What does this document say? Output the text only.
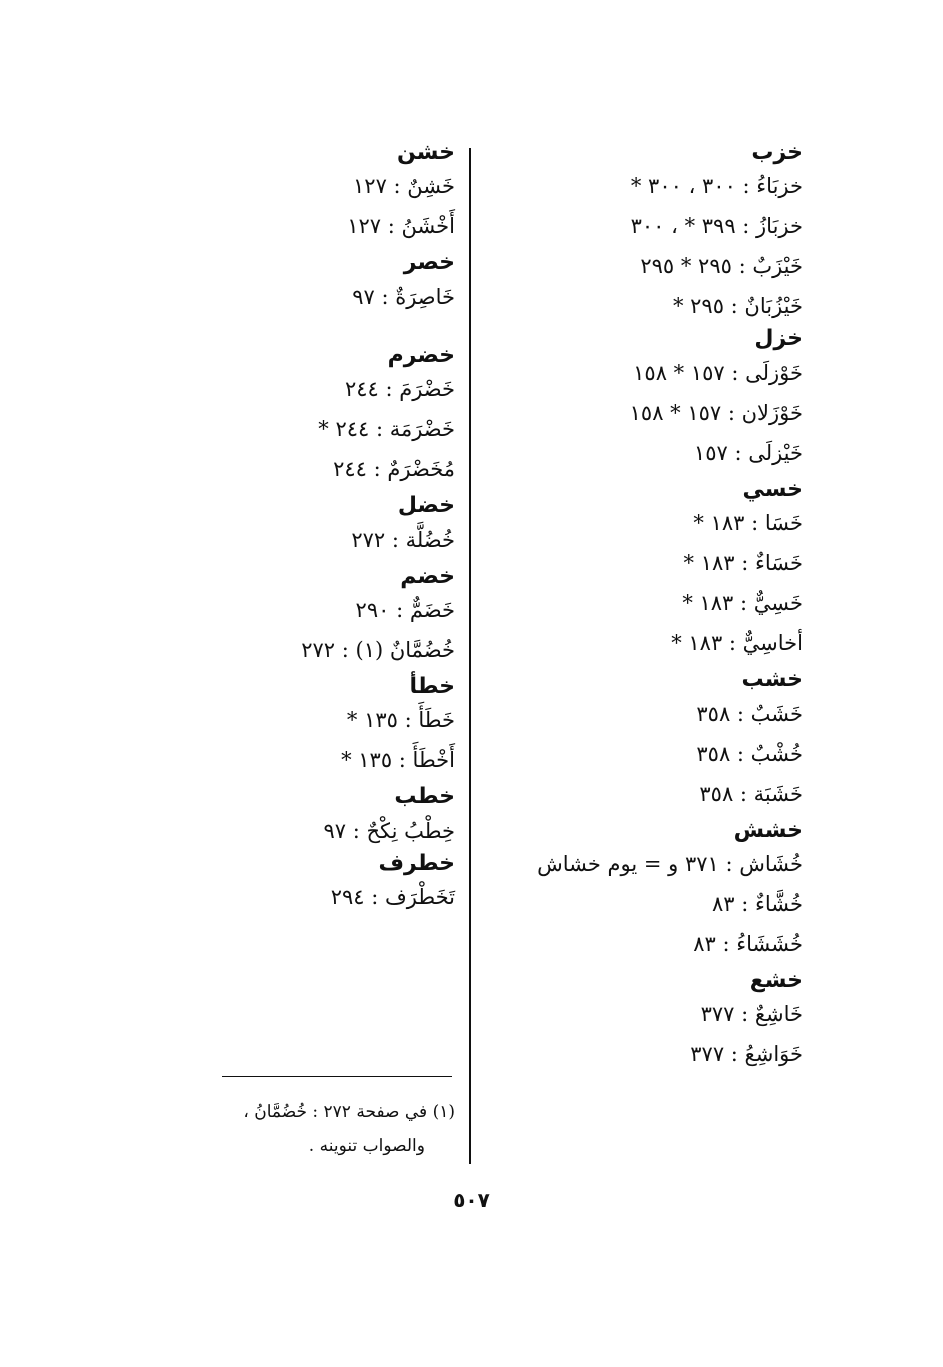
خزب
خزبَاءُ : ٣٠٠ ، ٣٠٠ *
خزبَازُ : ٣٩٩ * ، ٣٠٠
خَيْزَبٌ : ٢٩٥ * ٢٩٥
خَيْزُبَانٌ : ٢٩٥ *
خزل
خَوْزلَى : ١٥٧ * ١٥٨
خَوْزَلان : ١٥٧ * ١٥٨
خَيْزلَى : ١٥٧
خسي
خَسَا : ١٨٣ *
خَسَاءٌ : ١٨٣ *
خَسِيٌّ : ١٨٣ *
أخاسِيٌّ : ١٨٣ *
خشب
خَشَبٌ : ٣٥٨
خُشْبٌ : ٣٥٨
خَشَبَة : ٣٥٨
خشش
خُشَاش : ٣٧١ و = يوم خشاش
خُشَّاءٌ : ٨٣
خُشَشَاءُ : ٨٣
خشع
خَاشِعٌ : ٣٧٧
خَوَاشِعُ : ٣٧٧
خشن
خَشِنٌ : ١٢٧
أَخْشَنُ : ١٢٧
خصر
خَاصِرَةٌ : ٩٧
خضرم
خَضْرَمَ : ٢٤٤
خَضْرَمَة : ٢٤٤ *
مُخَضْرَمٌ : ٢٤٤
خضل
خُضُلَّة : ٢٧٢
خضم
خَضَمٌّ : ٢٩٠
خُضُمَّانٌ (١) : ٢٧٢
خطأ
خَطَأَ : ١٣٥ *
أَخْطَأَ : ١٣٥ *
خطب
خِطْبُ نِكْحٌ : ٩٧
خطرف
تَخَطْرَف : ٢٩٤
(١) في صفحة ٢٧٢ : خُضُمَّانُ ،
والصواب تنوينه .
٥٠٧
